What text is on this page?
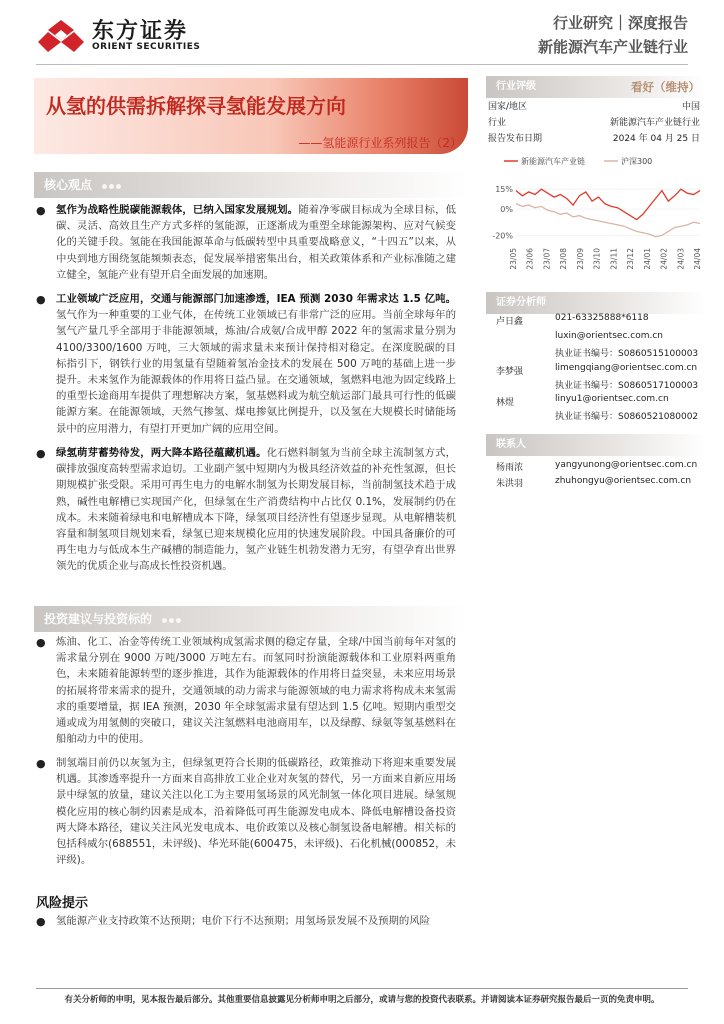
东方证券
ORIENT SECURITIES
行业研究｜深度报告
新能源汽车产业链行业
从氢的供需拆解探寻氢能发展方向
——氢能源行业系列报告（2）
核心观点
● 氢作为战略性脱碳能源载体，已纳入国家发展规划。随着净零碳目标成为全球目标，低碳、灵活、高效且生产方式多样的氢能源，正逐渐成为重塑全球能源架构、应对气候变化的关键手段。氢能在我国能源革命与低碳转型中具重要战略意义，“十四五”以来，从中央到地方围绕氢能频频表态，促发展举措密集出台，相关政策体系和产业标准随之建立健全，氢能产业有望开启全面发展的加速期。
● 工业领域广泛应用，交通与能源部门加速渗透，IEA 预测 2030 年需求达 1.5 亿吨。氢气作为一种重要的工业气体，在传统工业领域已有非常广泛的应用。当前全球每年的氢气产量几乎全部用于非能源领域，炼油/合成氨/合成甲醇 2022 年的氢需求量分别为 4100/3300/1600 万吨，三大领域的需求量未来预计保持相对稳定。在深度脱碳的目标指引下，钢铁行业的用氢量有望随着氢冶金技术的发展在 500 万吨的基础上进一步提升。未来氢作为能源载体的作用将日益凸显。在交通领域，氢燃料电池为固定线路上的重型长途商用车提供了理想解决方案，氢基燃料或为航空航运部门最具可行性的低碳能源方案。在能源领域，天然气掺氢、煤电掺氨比例提升，以及氢在大规模长时储能场景中的应用潜力，有望打开更加广阔的应用空间。
● 绿氢萌芽蓄势待发，两大降本路径蕴藏机遇。化石燃料制氢为当前全球主流制氢方式，碳排放强度高转型需求迫切。工业副产氢中短期内为极具经济效益的补充性氢源，但长期规模扩张受限。采用可再生电力的电解水制氢为长期发展目标，当前制氢技术趋于成熟，碱性电解槽已实现国产化，但绿氢在生产消费结构中占比仅 0.1%，发展制约仍在成本。未来随着绿电和电解槽成本下降，绿氢项目经济性有望逐步显现。从电解槽装机容量和制氢项目规划来看，绿氢已迎来规模化应用的快速发展阶段。中国具备廉价的可再生电力与低成本生产碱槽的制造能力，氢产业链生机勃发潜力无穷，有望孕育出世界领先的优质企业与高成长性投资机遇。
投资建议与投资标的
● 炼油、化工、冶金等传统工业领域构成氢需求侧的稳定存量，全球/中国当前每年对氢的需求量分别在 9000 万吨/3000 万吨左右。而氢同时扮演能源载体和工业原料两重角色，未来随着能源转型的逐步推进，其作为能源载体的作用将日益突显，未来应用场景的拓展将带来需求的提升，交通领域的动力需求与能源领域的电力需求将构成未来氢需求的重要增量，据 IEA 预测，2030 年全球氢需求量有望达到 1.5 亿吨。短期内重型交通或成为用氢侧的突破口，建议关注氢燃料电池商用车，以及绿醇、绿氨等氢基燃料在船舶动力中的使用。
● 制氢端目前仍以灰氢为主，但绿氢更符合长期的低碳路径，政策推动下将迎来重要发展机遇。其渗透率提升一方面来自高排放工业企业对灰氢的替代，另一方面来自新应用场景中绿氢的放量，建议关注以化工为主要用氢场景的风光制氢一体化项目进展。绿氢规模化应用的核心制约因素是成本，沿着降低可再生能源发电成本、降低电解槽设备投资两大降本路径，建议关注风光发电成本、电价政策以及核心制氢设备电解槽。相关标的包括科威尔(688551，未评级)、华光环能(600475，未评级)、石化机械(000852，未评级)。
风险提示
● 氢能源产业支持政策不达预期；电价下行不达预期；用氢场景发展不及预期的风险
行业评级	看好（维持）
国家/地区	中国
行业	新能源汽车产业链行业
报告发布日期	2024 年 04 月 25 日
新能源汽车产业链	沪深300
15%
0%
-20%
23/05 23/06 23/07 23/08 23/09 23/10 23/11 23/12 24/01 24/02 24/03 24/04
证券分析师
卢日鑫	021-63325888*6118
luxin@orientsec.com.cn
执业证书编号：S0860515100003
李梦强	limengqiang@orientsec.com.cn
执业证书编号：S0860517100003
林煜	linyu1@orientsec.com.cn
执业证书编号：S0860521080002
联系人
杨雨浓	yangyunong@orientsec.com.cn
朱洪羽	zhuhongyu@orientsec.com.cn
有关分析师的申明，见本报告最后部分。其他重要信息披露见分析师申明之后部分，或请与您的投资代表联系。并请阅读本证券研究报告最后一页的免责申明。
